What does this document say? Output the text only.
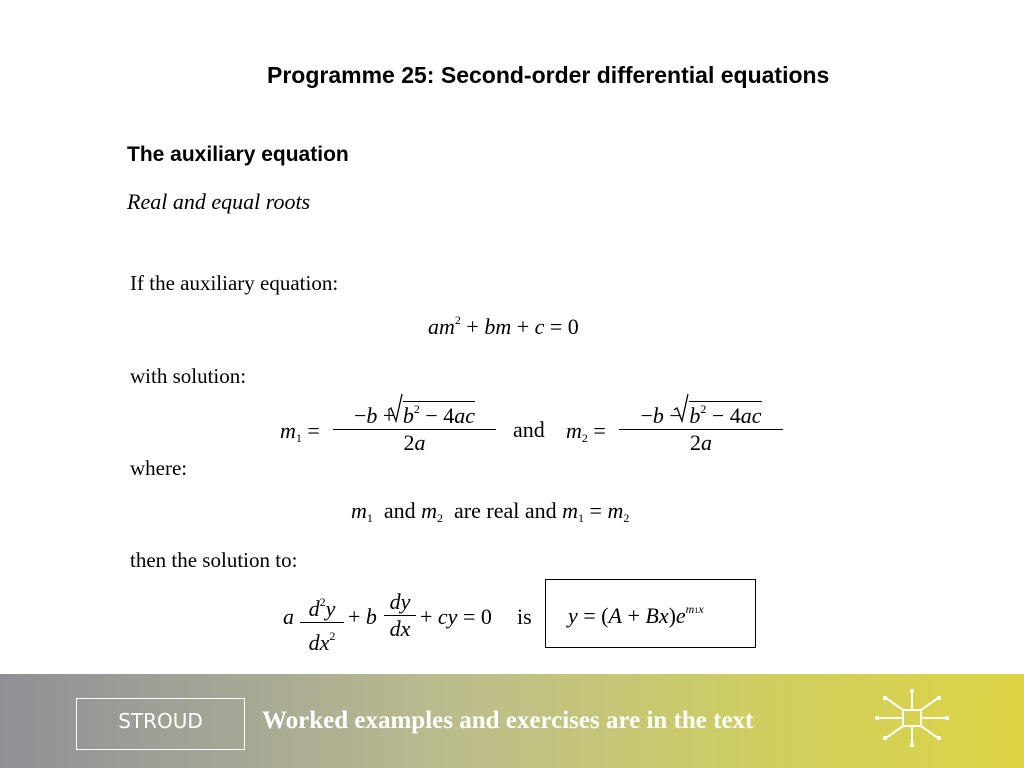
Programme 25: Second-order differential equations
The auxiliary equation
Real and equal roots
If the auxiliary equation:
$am^2$ + bm + c = 0
with solution:
$m_1$ =
−b +
$b^2 - 4ac$
2a
and $m_2$ =
−b −
$b^2 - 4ac$
2a
where:
$m_1$ and $m_2$ are real and $m_1 = m_2$
then the solution to:
a $d^2y$
$dx^2$
+ b
dy
dx + cy = 0 is $y = (A + Bx)e^{m1x}$
STROUD	Worked examples and exercises are in the text
